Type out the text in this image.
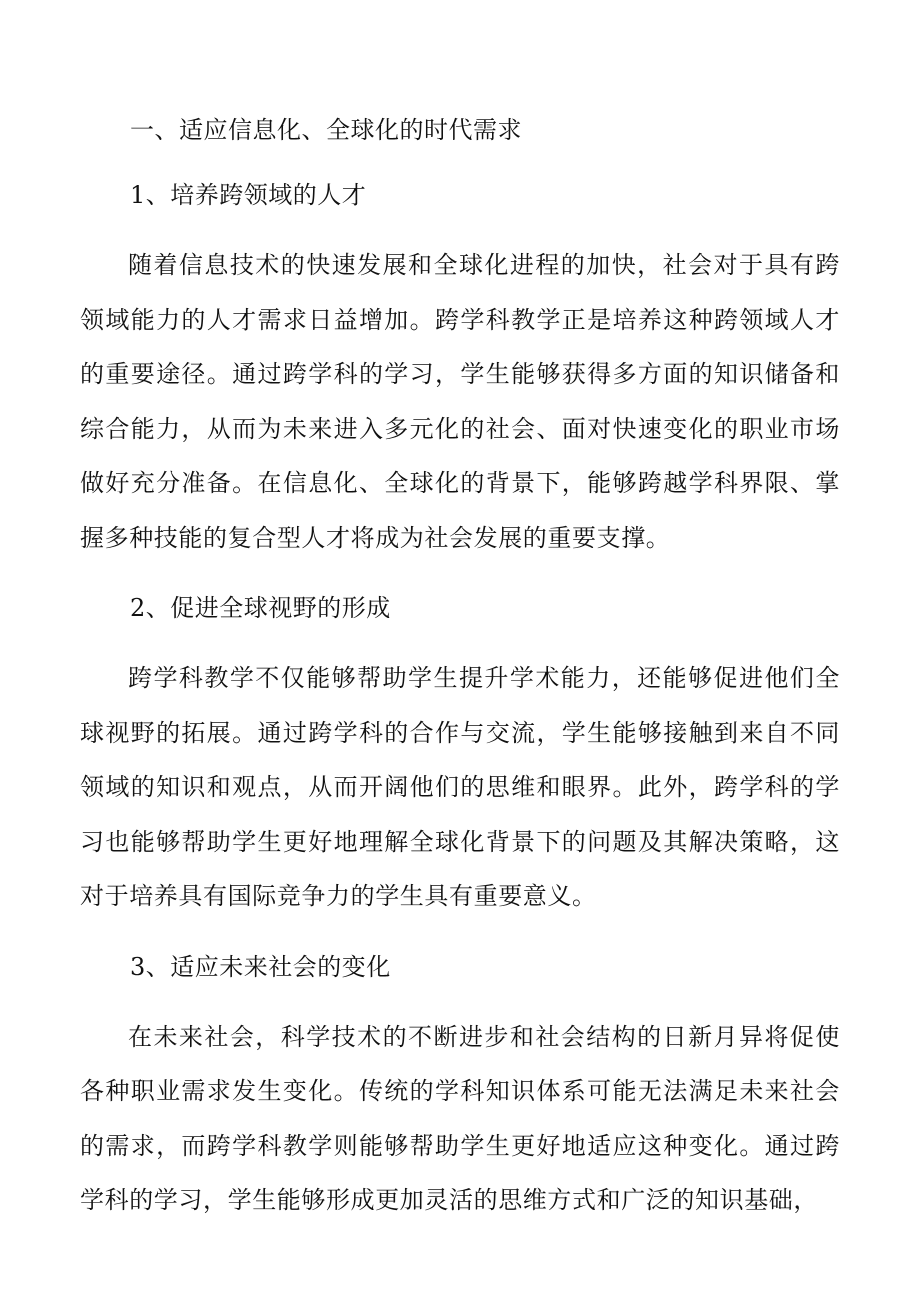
一、适应信息化、全球化的时代需求
1、培养跨领域的人才

随着信息技术的快速发展和全球化进程的加快，社会对于具有跨领域能力的人才需求日益增加。跨学科教学正是培养这种跨领域人才的重要途径。通过跨学科的学习，学生能够获得多方面的知识储备和综合能力，从而为未来进入多元化的社会、面对快速变化的职业市场做好充分准备。在信息化、全球化的背景下，能够跨越学科界限、掌握多种技能的复合型人才将成为社会发展的重要支撑。

2、促进全球视野的形成

跨学科教学不仅能够帮助学生提升学术能力，还能够促进他们全球视野的拓展。通过跨学科的合作与交流，学生能够接触到来自不同领域的知识和观点，从而开阔他们的思维和眼界。此外，跨学科的学习也能够帮助学生更好地理解全球化背景下的问题及其解决策略，这对于培养具有国际竞争力的学生具有重要意义。

3、适应未来社会的变化

在未来社会，科学技术的不断进步和社会结构的日新月异将促使各种职业需求发生变化。传统的学科知识体系可能无法满足未来社会的需求，而跨学科教学则能够帮助学生更好地适应这种变化。通过跨学科的学习，学生能够形成更加灵活的思维方式和广泛的知识基础，
